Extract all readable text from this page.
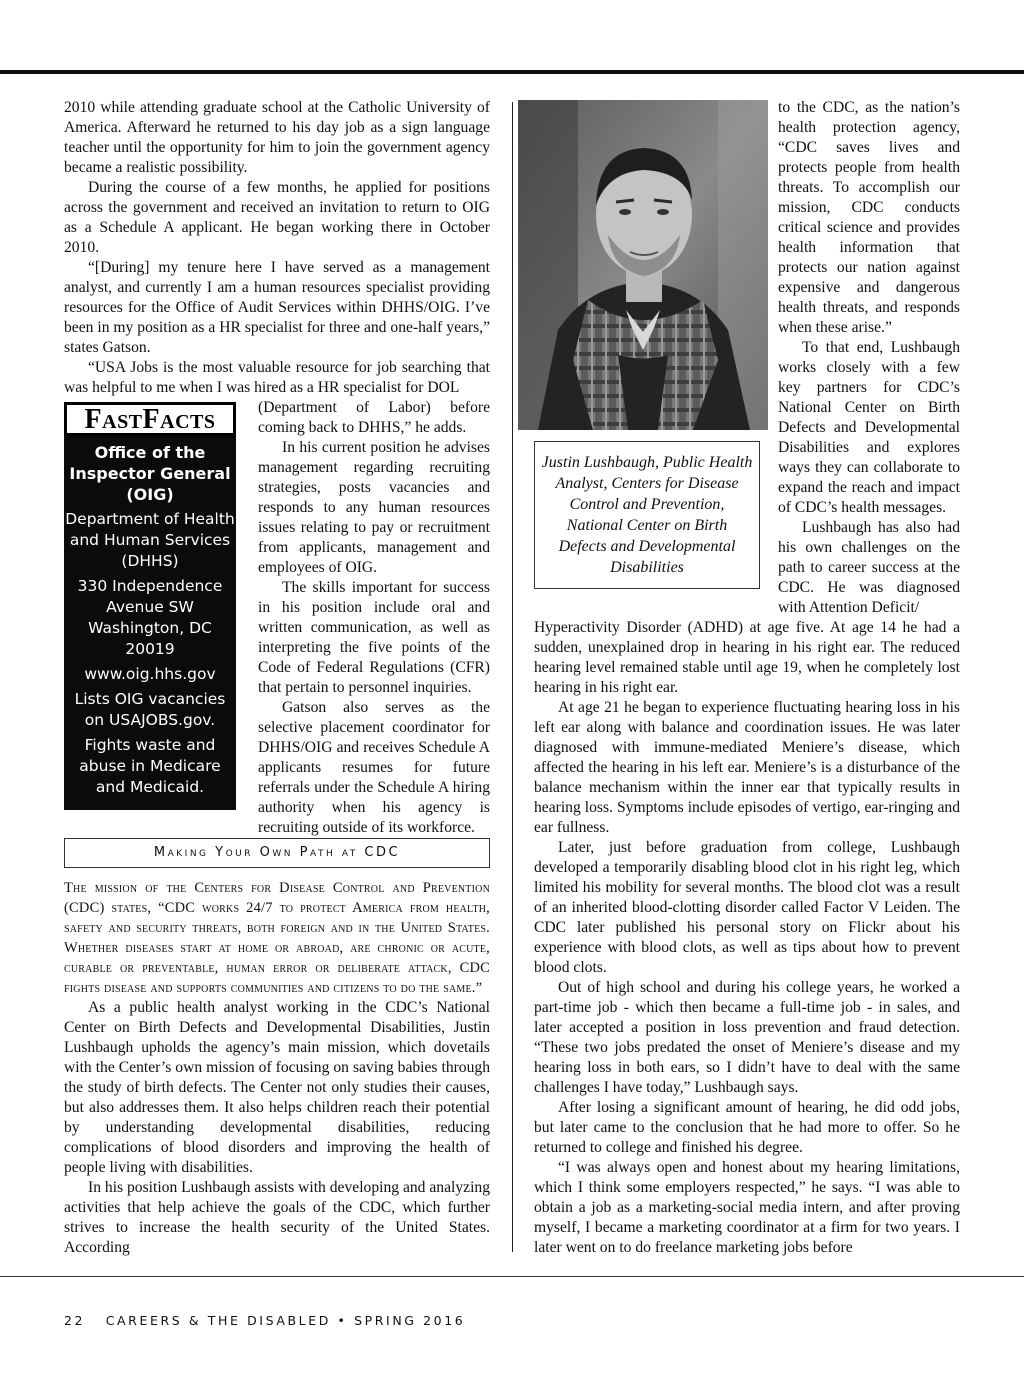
2010 while attending graduate school at the Catholic University of America. Afterward he returned to his day job as a sign language teacher until the opportunity for him to join the government agency became a realistic possibility.

During the course of a few months, he applied for positions across the government and received an invitation to return to OIG as a Schedule A applicant. He began working there in October 2010.

“[During] my tenure here I have served as a management analyst, and currently I am a human resources specialist providing resources for the Office of Audit Services within DHHS/OIG. I’ve been in my position as a HR specialist for three and one-half years,” states Gatson.

“USA Jobs is the most valuable resource for job searching that was helpful to me when I was hired as a HR specialist for DOL

FastFacts
Office of the Inspector General (OIG)
Department of Health and Human Services (DHHS)
330 Independence Avenue SW Washington, DC 20019
www.oig.hhs.gov
Lists OIG vacancies on USAJOBS.gov.
Fights waste and abuse in Medicare and Medicaid.

(Department of Labor) before coming back to DHHS,” he adds.

In his current position he advises management regarding recruiting strategies, posts vacancies and responds to any human resources issues relating to pay or recruitment from applicants, management and employees of OIG.

The skills important for success in his position include oral and written communication, as well as interpreting the five points of the Code of Federal Regulations (CFR) that pertain to personnel inquiries.

Gatson also serves as the selective placement coordinator for DHHS/OIG and receives Schedule A applicants resumes for future referrals under the Schedule A hiring authority when his agency is recruiting outside of its workforce.

Making Your Own Path at CDC

The mission of the Centers for Disease Control and Prevention (CDC) states, “CDC works 24/7 to protect America from health, safety and security threats, both foreign and in the United States. Whether diseases start at home or abroad, are chronic or acute, curable or preventable, human error or deliberate attack, CDC fights disease and supports communities and citizens to do the same.”

As a public health analyst working in the CDC’s National Center on Birth Defects and Developmental Disabilities, Justin Lushbaugh upholds the agency’s main mission, which dovetails with the Center’s own mission of focusing on saving babies through the study of birth defects. The Center not only studies their causes, but also addresses them. It also helps children reach their potential by understanding developmental disabilities, reducing complications of blood disorders and improving the health of people living with disabilities.

In his position Lushbaugh assists with developing and analyzing activities that help achieve the goals of the CDC, which further strives to increase the health security of the United States. According

Justin Lushbaugh, Public Health Analyst, Centers for Disease Control and Prevention, National Center on Birth Defects and Developmental Disabilities

to the CDC, as the nation’s health protection agency, “CDC saves lives and protects people from health threats. To accomplish our mission, CDC conducts critical science and provides health information that protects our nation against expensive and dangerous health threats, and responds when these arise.”

To that end, Lushbaugh works closely with a few key partners for CDC’s National Center on Birth Defects and Developmental Disabilities and explores ways they can collaborate to expand the reach and impact of CDC’s health messages.

Lushbaugh has also had his own challenges on the path to career success at the CDC. He was diagnosed with Attention Deficit/

Hyperactivity Disorder (ADHD) at age five. At age 14 he had a sudden, unexplained drop in hearing in his right ear. The reduced hearing level remained stable until age 19, when he completely lost hearing in his right ear.

At age 21 he began to experience fluctuating hearing loss in his left ear along with balance and coordination issues. He was later diagnosed with immune-mediated Meniere’s disease, which affected the hearing in his left ear. Meniere’s is a disturbance of the balance mechanism within the inner ear that typically results in hearing loss. Symptoms include episodes of vertigo, ear-ringing and ear fullness.

Later, just before graduation from college, Lushbaugh developed a temporarily disabling blood clot in his right leg, which limited his mobility for several months. The blood clot was a result of an inherited blood-clotting disorder called Factor V Leiden. The CDC later published his personal story on Flickr about his experience with blood clots, as well as tips about how to prevent blood clots.

Out of high school and during his college years, he worked a part-time job - which then became a full-time job - in sales, and later accepted a position in loss prevention and fraud detection. “These two jobs predated the onset of Meniere’s disease and my hearing loss in both ears, so I didn’t have to deal with the same challenges I have today,” Lushbaugh says.

After losing a significant amount of hearing, he did odd jobs, but later came to the conclusion that he had more to offer. So he returned to college and finished his degree.

“I was always open and honest about my hearing limitations, which I think some employers respected,” he says. “I was able to obtain a job as a marketing-social media intern, and after proving myself, I became a marketing coordinator at a firm for two years. I later went on to do freelance marketing jobs before

22 CAREERS & THE DISABLED • SPRING 2016
